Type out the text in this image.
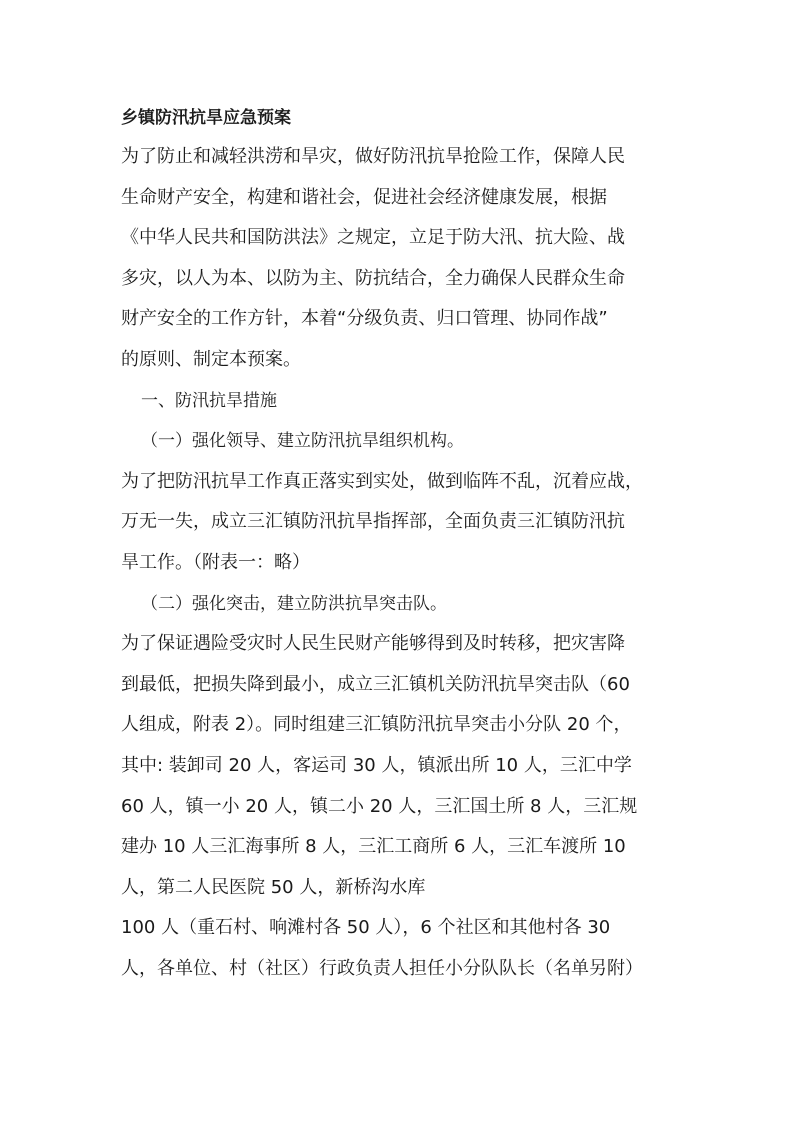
乡镇防汛抗旱应急预案

为了防止和减轻洪涝和旱灾，做好防汛抗旱抢险工作，保障人民

生命财产安全，构建和谐社会，促进社会经济健康发展，根据

《中华人民共和国防洪法》之规定，立足于防大汛、抗大险、战

多灾，以人为本、以防为主、防抗结合，全力确保人民群众生命

财产安全的工作方针，本着“分级负责、归口管理、协同作战”

的原则、制定本预案。

一、防汛抗旱措施

（一）强化领导、建立防汛抗旱组织机构。

为了把防汛抗旱工作真正落实到实处，做到临阵不乱，沉着应战，

万无一失，成立三汇镇防汛抗旱指挥部，全面负责三汇镇防汛抗

旱工作。（附表一：略）

（二）强化突击，建立防洪抗旱突击队。

为了保证遇险受灾时人民生民财产能够得到及时转移，把灾害降

到最低，把损失降到最小，成立三汇镇机关防汛抗旱突击队（60

人组成，附表 2）。同时组建三汇镇防汛抗旱突击小分队 20 个，

其中: 装卸司 20 人，客运司 30 人，镇派出所 10 人，三汇中学

60 人，镇一小 20 人，镇二小 20 人，三汇国土所 8 人，三汇规

建办 10 人三汇海事所 8 人，三汇工商所 6 人，三汇车渡所 10

人，第二人民医院 50 人，新桥沟水库

100 人（重石村、响滩村各 50 人），6 个社区和其他村各 30

人，各单位、村（社区）行政负责人担任小分队队长（名单另附）
